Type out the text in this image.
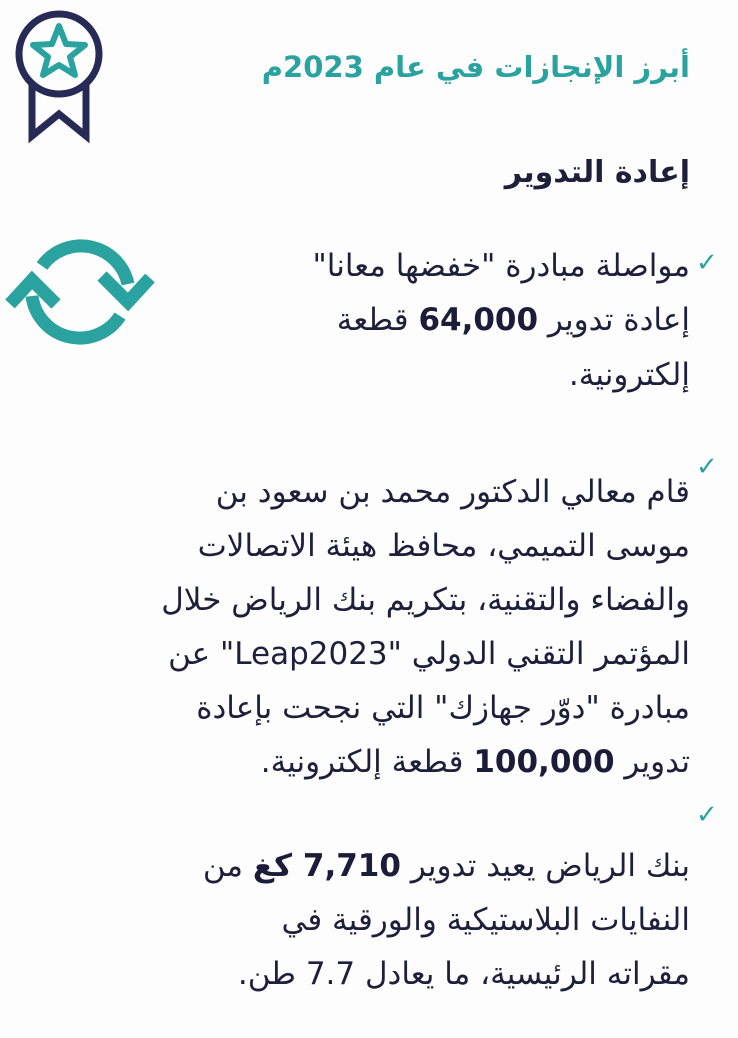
أبرز الإنجازات في عام 2023م
إعادة التدوير
✓
✓
✓
مواصلة مبادرة "خفضها معانا"
إعادة تدوير 64,000 قطعة
إلكترونية.
قام معالي الدكتور محمد بن سعود بن
موسى التميمي، محافظ هيئة الاتصالات
والفضاء والتقنية، بتكريم بنك الرياض خلال
المؤتمر التقني الدولي "Leap2023" عن
مبادرة "دوّر جهازك" التي نجحت بإعادة
تدوير 100,000 قطعة إلكترونية.
بنك الرياض يعيد تدوير 7,710 كغ من
النفايات البلاستيكية والورقية في
مقراته الرئيسية، ما يعادل 7.7 طن.
